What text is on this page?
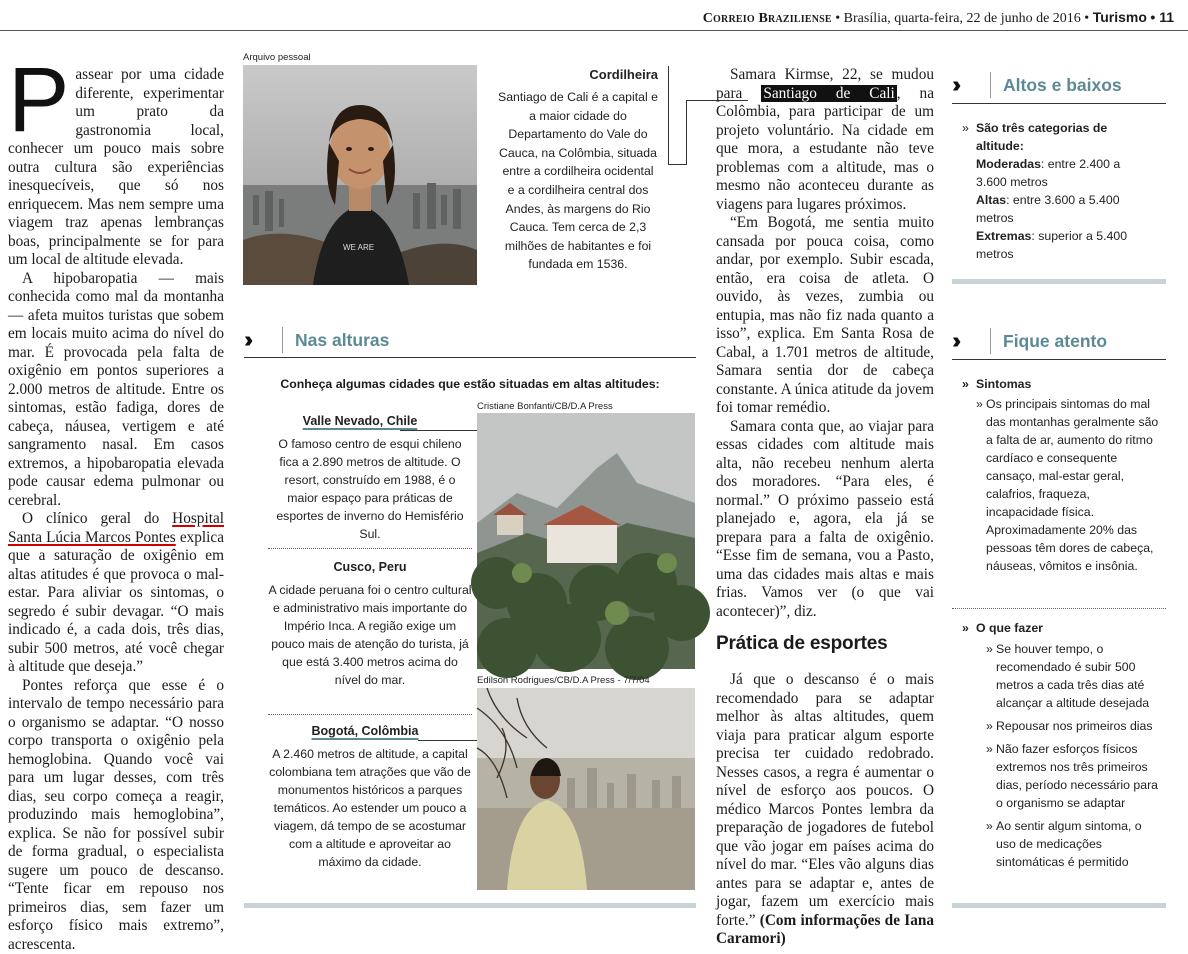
Correio Braziliense • Brasília, quarta-feira, 22 de junho de 2016 • Turismo • 11

Passear por uma cidade diferente, experimentar um prato da gastronomia local, conhecer um pouco mais sobre outra cultura são experiências inesquecíveis, que só nos enriquecem. Mas nem sempre uma viagem traz apenas lembranças boas, principalmente se for para um local de altitude elevada.

A hipobaropatia — mais conhecida como mal da montanha — afeta muitos turistas que sobem em locais muito acima do nível do mar. É provocada pela falta de oxigênio em pontos superiores a 2.000 metros de altitude. Entre os sintomas, estão fadiga, dores de cabeça, náusea, vertigem e até sangramento nasal. Em casos extremos, a hipobaropatia elevada pode causar edema pulmonar ou cerebral.

O clínico geral do Hospital Santa Lúcia Marcos Pontes explica que a saturação de oxigênio em altas atitudes é que provoca o mal-estar. Para aliviar os sintomas, o segredo é subir devagar. “O mais indicado é, a cada dois, três dias, subir 500 metros, até você chegar à altitude que deseja.”

Pontes reforça que esse é o intervalo de tempo necessário para o organismo se adaptar. “O nosso corpo transporta o oxigênio pela hemoglobina. Quando você vai para um lugar desses, com três dias, seu corpo começa a reagir, produzindo mais hemoglobina”, explica. Se não for possível subir de forma gradual, o especialista sugere um pouco de descanso. “Tente ficar em repouso nos primeiros dias, sem fazer um esforço físico mais extremo”, acrescenta.

Arquivo pessoal
WE ARE
Cordilheira
Santiago de Cali é a capital e a maior cidade do Departamento do Vale do Cauca, na Colômbia, situada entre a cordilheira ocidental e a cordilheira central dos Andes, às margens do Rio Cauca. Tem cerca de 2,3 milhões de habitantes e foi fundada em 1536.
››	Nas alturas
Conheça algumas cidades que estão situadas em altas altitudes:
Valle Nevado, Chile
O famoso centro de esqui chileno fica a 2.890 metros de altitude. O resort, construído em 1988, é o maior espaço para práticas de esportes de inverno do Hemisfério Sul.
Cusco, Peru
A cidade peruana foi o centro cultural e administrativo mais importante do Império Inca. A região exige um pouco mais de atenção do turista, já que está 3.400 metros acima do nível do mar.
Bogotá, Colômbia
A 2.460 metros de altitude, a capital colombiana tem atrações que vão de monumentos históricos a parques temáticos. Ao estender um pouco a viagem, dá tempo de se acostumar com a altitude e aproveitar ao máximo da cidade.
Cristiane Bonfanti/CB/D.A Press
Edilson Rodrigues/CB/D.A Press - 7/7/04

Samara Kirmse, 22, se mudou para Santiago de Cali , na Colômbia, para participar de um projeto voluntário. Na cidade em que mora, a estudante não teve problemas com a altitude, mas o mesmo não aconteceu durante as viagens para lugares próximos.

“Em Bogotá, me sentia muito cansada por pouca coisa, como andar, por exemplo. Subir escada, então, era coisa de atleta. O ouvido, às vezes, zumbia ou entupia, mas não fiz nada quanto a isso”, explica. Em Santa Rosa de Cabal, a 1.701 metros de altitude, Samara sentia dor de cabeça constante. A única atitude da jovem foi tomar remédio.

Samara conta que, ao viajar para essas cidades com altitude mais alta, não recebeu nenhum alerta dos moradores. “Para eles, é normal.” O próximo passeio está planejado e, agora, ela já se prepara para a falta de oxigênio. “Esse fim de semana, vou a Pasto, uma das cidades mais altas e mais frias. Vamos ver (o que vai acontecer)”, diz.

Prática de esportes

Já que o descanso é o mais recomendado para se adaptar melhor às altas altitudes, quem viaja para praticar algum esporte precisa ter cuidado redobrado. Nesses casos, a regra é aumentar o nível de esforço aos poucos. O médico Marcos Pontes lembra da preparação de jogadores de futebol que vão jogar em países acima do nível do mar. “Eles vão alguns dias antes para se adaptar e, antes de jogar, fazem um exercício mais forte.” (Com informações de Iana Caramori)

››	Altos e baixos
» São três categorias de altitude:
Moderadas: entre 2.400 a 3.600 metros
Altas: entre 3.600 a 5.400 metros
Extremas: superior a 5.400 metros
››	Fique atento
» Sintomas
» Os principais sintomas do mal das montanhas geralmente são a falta de ar, aumento do ritmo cardíaco e consequente cansaço, mal-estar geral, calafrios, fraqueza, incapacidade física. Aproximadamente 20% das pessoas têm dores de cabeça, náuseas, vômitos e insônia.
» O que fazer
» Se houver tempo, o recomendado é subir 500 metros a cada três dias até alcançar a altitude desejada
» Repousar nos primeiros dias
» Não fazer esforços físicos extremos nos três primeiros dias, período necessário para o organismo se adaptar
» Ao sentir algum sintoma, o uso de medicações sintomáticas é permitido
